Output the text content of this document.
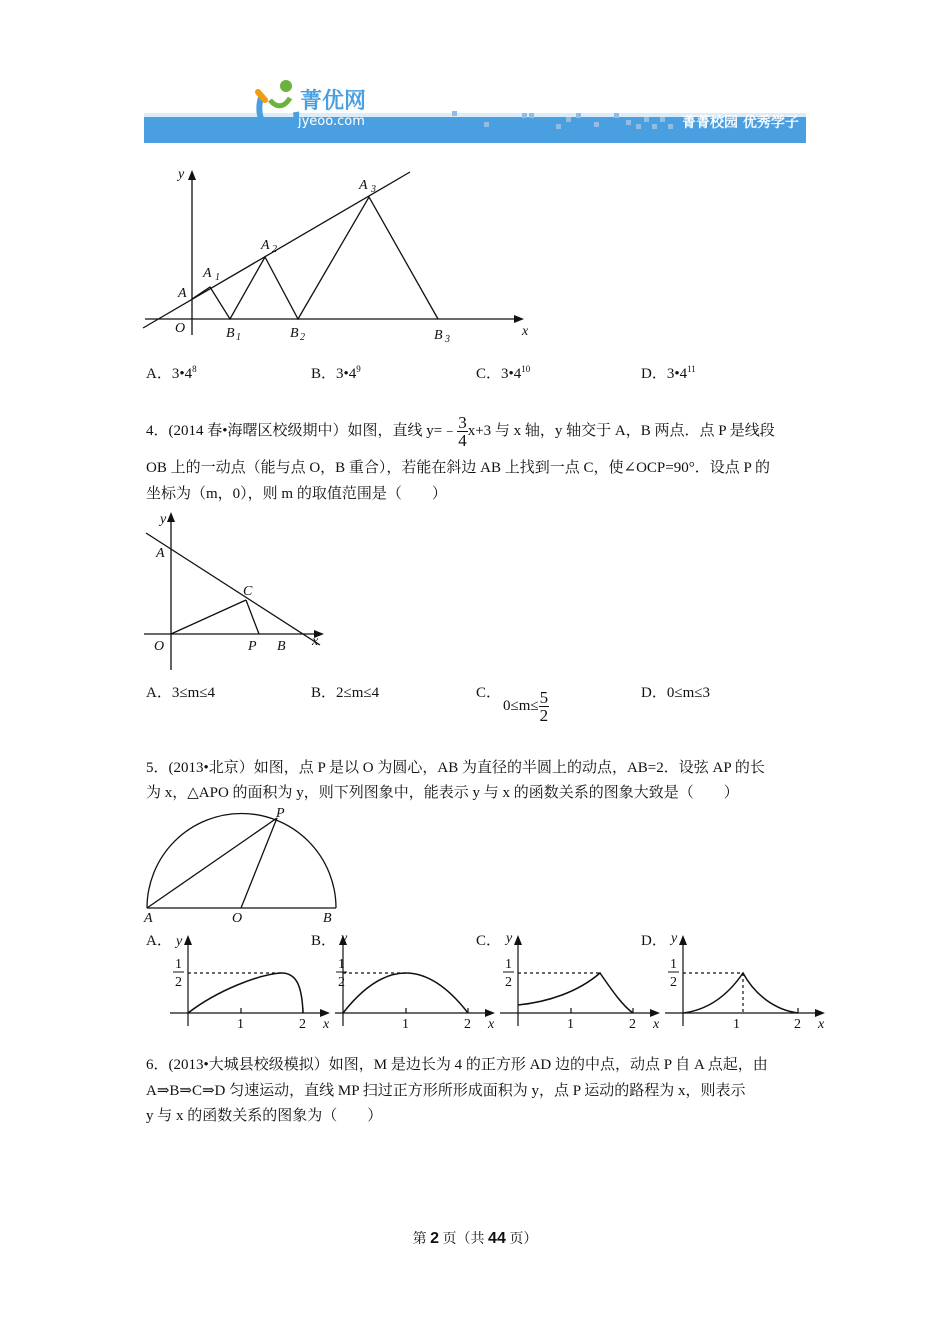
菁优网
jyeoo.com	菁菁校园 优秀学子
y
x
O
A
A 1
A 2
A 3
B 1	B 2	B 3
A．$3•4^8$	B．$3•4^9$	C．$3•4^{10}$	D．$3•4^{11}$
4．(2014 春•海曙区校级期中）如图，直线 y=﹣ $\frac{3}{4} x+3$ 与 x 轴，y 轴交于 A，B 两点．点 P 是线段
OB 上的一动点（能与点 O，B 重合），若能在斜边 AB 上找到一点 C，使∠OCP=90°．设点 P 的
坐标为（m，0），则 m 的取值范围是（　　）
y
x
A
O
C
P B
A．3≤m≤4	B．2≤m≤4	C．
$0\le m\le \frac{5}{2}$	D．0≤m≤3
5．(2013•北京）如图，点 P 是以 O 为圆心，AB 为直径的半圆上的动点，AB=2．设弦 AP 的长
为 x，△APO 的面积为 y，则下列图象中，能表示 y 与 x 的函数关系的图象大致是（　　）
A	O	B
P
A．	B．	C．	D．
y
x
1
2
1	2
y
x
1
2
1	2
y
x
1
2
1	2
y
x
1
2
1	2
6．(2013•大城县校级模拟）如图，M 是边长为 4 的正方形 AD 边的中点，动点 P 自 A 点起，由
A⇒B⇒C⇒D 匀速运动，直线 MP 扫过正方形所形成面积为 y，点 P 运动的路程为 x，则表示
y 与 x 的函数关系的图象为（　　）
第 2 页（共 44 页）
